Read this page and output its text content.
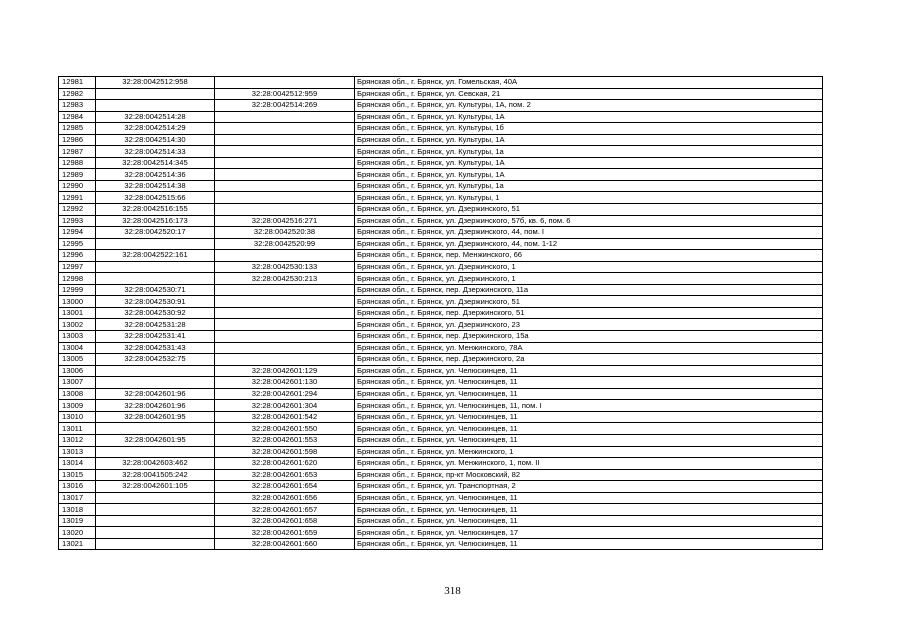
12981	32:28:0042512:958		Брянская обл., г. Брянск, ул. Гомельская, 40А
12982		32:28:0042512:959	Брянская обл., г. Брянск, ул. Севская, 21
12983		32:28:0042514:269	Брянская обл., г. Брянск, ул. Культуры, 1А, пом. 2
12984	32:28:0042514:28		Брянская обл., г. Брянск, ул. Культуры, 1А
12985	32:28:0042514:29		Брянская обл., г. Брянск, ул. Культуры, 1б
12986	32:28:0042514:30		Брянская обл., г. Брянск, ул. Культуры, 1А
12987	32:28:0042514:33		Брянская обл., г. Брянск, ул. Культуры, 1а
12988	32:28:0042514:345		Брянская обл., г. Брянск, ул. Культуры, 1А
12989	32:28:0042514:36		Брянская обл., г. Брянск, ул. Культуры, 1А
12990	32:28:0042514:38		Брянская обл., г. Брянск, ул. Культуры, 1а
12991	32:28:0042515:66		Брянская обл., г. Брянск, ул. Культуры, 1
12992	32:28:0042516:155		Брянская обл., г. Брянск, ул. Дзержинского, 51
12993	32:28:0042516:173	32:28:0042516:271	Брянская обл., г. Брянск, ул. Дзержинского, 57б, кв. 6, пом. 6
12994	32:28:0042520:17	32:28:0042520:38	Брянская обл., г. Брянск, ул. Дзержинского, 44, пом. I
12995		32:28:0042520:99	Брянская обл., г. Брянск, ул. Дзержинского, 44, пом. 1-12
12996	32:28:0042522:161		Брянская обл., г. Брянск, пер. Менжинского, 66
12997		32:28:0042530:133	Брянская обл., г. Брянск, ул. Дзержинского, 1
12998		32:28:0042530:213	Брянская обл., г. Брянск, ул. Дзержинского, 1
12999	32:28:0042530:71		Брянская обл., г. Брянск, пер. Дзержинского, 11а
13000	32:28:0042530:91		Брянская обл., г. Брянск, ул. Дзержинского, 51
13001	32:28:0042530:92		Брянская обл., г. Брянск, пер. Дзержинского, 51
13002	32:28:0042531:28		Брянская обл., г. Брянск, ул. Дзержинского, 23
13003	32:28:0042531:41		Брянская обл., г. Брянск, пер. Дзержинского, 15а
13004	32:28:0042531:43		Брянская обл., г. Брянск, ул. Менжинского, 78А
13005	32:28:0042532:75		Брянская обл., г. Брянск, пер. Дзержинского, 2а
13006		32:28:0042601:129	Брянская обл., г. Брянск, ул. Челюскинцев, 11
13007		32:28:0042601:130	Брянская обл., г. Брянск, ул. Челюскинцев, 11
13008	32:28:0042601:96	32:28:0042601:294	Брянская обл., г. Брянск, ул. Челюскинцев, 11
13009	32:28:0042601:96	32:28:0042601:304	Брянская обл., г. Брянск, ул. Челюскинцев, 11, пом. I
13010	32:28:0042601:95	32:28:0042601:542	Брянская обл., г. Брянск, ул. Челюскинцев, 11
13011		32:28:0042601:550	Брянская обл., г. Брянск, ул. Челюскинцев, 11
13012	32:28:0042601:95	32:28:0042601:553	Брянская обл., г. Брянск, ул. Челюскинцев, 11
13013		32:28:0042601:598	Брянская обл., г. Брянск, ул. Менжинского, 1
13014	32:28:0042603:462	32:28:0042601:620	Брянская обл., г. Брянск, ул. Менжинского, 1, пом. II
13015	32:28:0041505:242	32:28:0042601:653	Брянская обл., г. Брянск, пр-кт Московский, 82
13016	32:28:0042601:105	32:28:0042601:654	Брянская обл., г. Брянск, ул. Транспортная, 2
13017		32:28:0042601:656	Брянская обл., г. Брянск, ул. Челюскинцев, 11
13018		32:28:0042601:657	Брянская обл., г. Брянск, ул. Челюскинцев, 11
13019		32:28:0042601:658	Брянская обл., г. Брянск, ул. Челюскинцев, 11
13020		32:28:0042601:659	Брянская обл., г. Брянск, ул. Челюскинцев, 17
13021		32:28:0042601:660	Брянская обл., г. Брянск, ул. Челюскинцев, 11
318
